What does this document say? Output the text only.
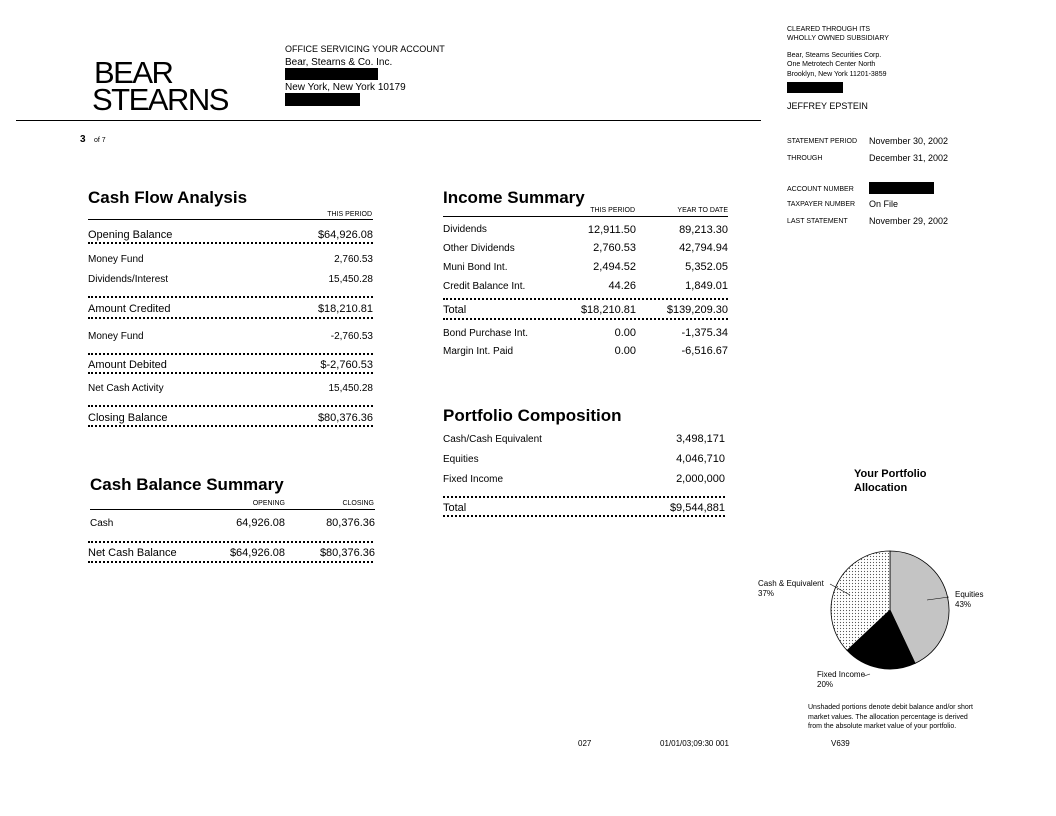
BEAR
STEARNS
OFFICE SERVICING YOUR ACCOUNT
Bear, Stearns & Co. Inc.
New York, New York 10179
3 of 7
CLEARED THROUGH ITS
WHOLLY OWNED SUBSIDIARY
Bear, Stearns Securities Corp.
One Metrotech Center North
Brooklyn, New York 11201-3859
JEFFREY EPSTEIN
STATEMENT PERIOD November 30, 2002
THROUGH	December 31, 2002
ACCOUNT NUMBER
TAXPAYER NUMBER On File
LAST STATEMENT November 29, 2002
Cash Flow Analysis
THIS PERIOD
Opening Balance	$64,926.08
Money Fund	2,760.53
Dividends/Interest	15,450.28
Amount Credited	$18,210.81
Money Fund	-2,760.53
Amount Debited	$-2,760.53
Net Cash Activity	15,450.28
Closing Balance	$80,376.36
Cash Balance Summary
OPENING	CLOSING
Cash	64,926.08	80,376.36
Net Cash Balance	$64,926.08	$80,376.36
Income Summary
THIS PERIOD	YEAR TO DATE
Dividends	12,911.50	89,213.30
Other Dividends	2,760.53	42,794.94
Muni Bond Int.	2,494.52	5,352.05
Credit Balance Int.	44.26	1,849.01
Total	$18,210.81	$139,209.30
Bond Purchase Int.	0.00	-1,375.34
Margin Int. Paid	0.00	-6,516.67
Portfolio Composition
Cash/Cash Equivalent	3,498,171
Equities	4,046,710
Fixed Income	2,000,000
Total	$9,544,881
Your Portfolio
Allocation
Cash & Equivalent
37%	Equities
43%
Fixed Income
20%
Unshaded portions denote debit balance and/or short
market values. The allocation percentage is derived
from the absolute market value of your portfolio.
027	01/01/03;09:30 001	V639
